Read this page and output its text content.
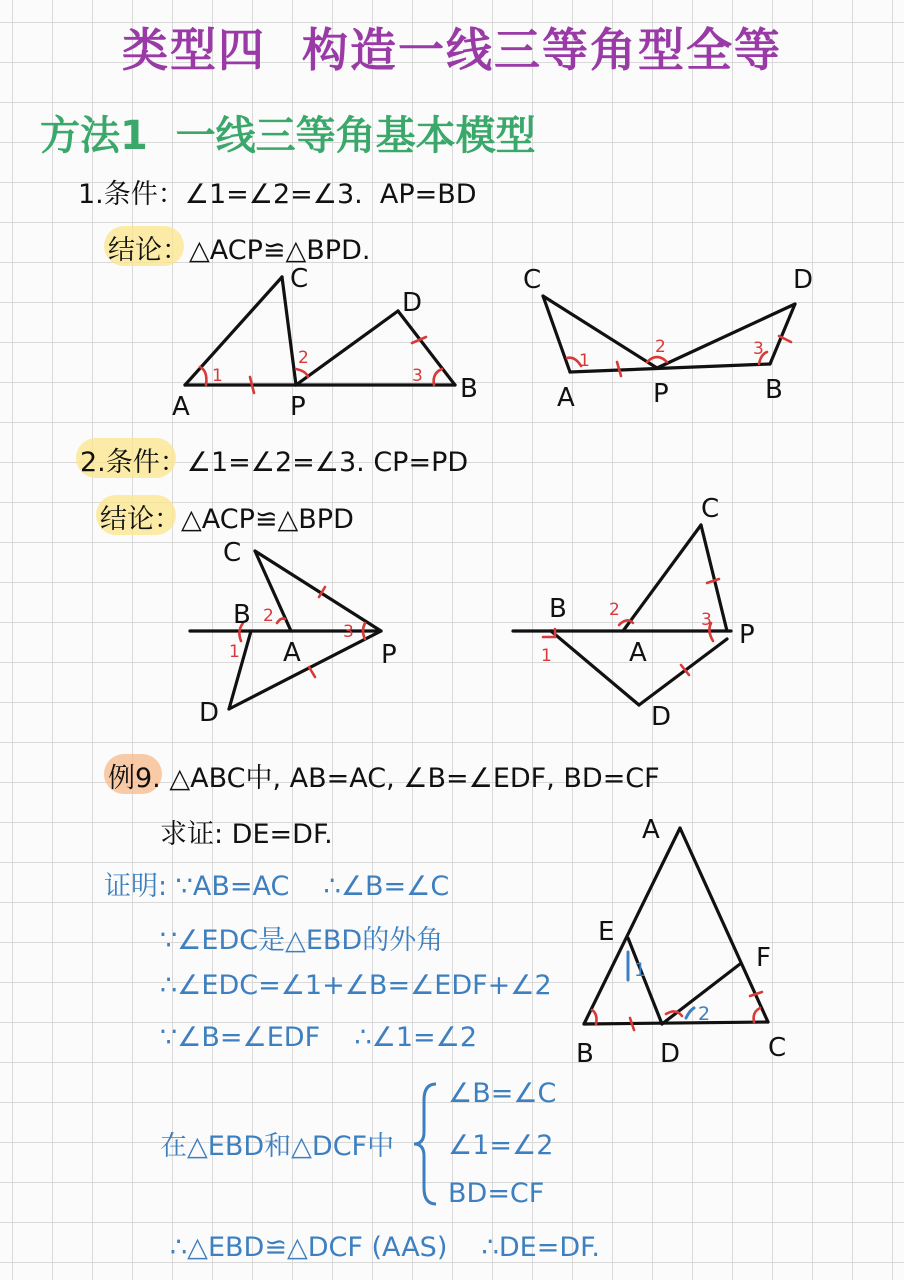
类型四  构造一线三等角型全等
方法1  一线三等角基本模型
1.条件：∠1=∠2=∠3.  AP=BD
结论：△ACP≌△BPD.
A
C
P
D
B
1
2
3
C	D
A	P	B
1
2	3
2.条件：∠1=∠2=∠3. CP=PD
结论：△ACP≌△BPD
C
B
A	P
D
2
1
3
C
B
A
P
D
2	3
1
例9. △ABC中, AB=AC, ∠B=∠EDF, BD=CF
求证: DE=DF.
证明: ∵AB=AC    ∴∠B=∠C
∵∠EDC是△EBD的外角
∴∠EDC=∠1+∠B=∠EDF+∠2
∵∠B=∠EDF    ∴∠1=∠2
在△EBD和△DCF中
∠B=∠C
∠1=∠2
BD=CF
∴△EBD≌△DCF (AAS)    ∴DE=DF.
A
E
F
B	D	C
1
2
